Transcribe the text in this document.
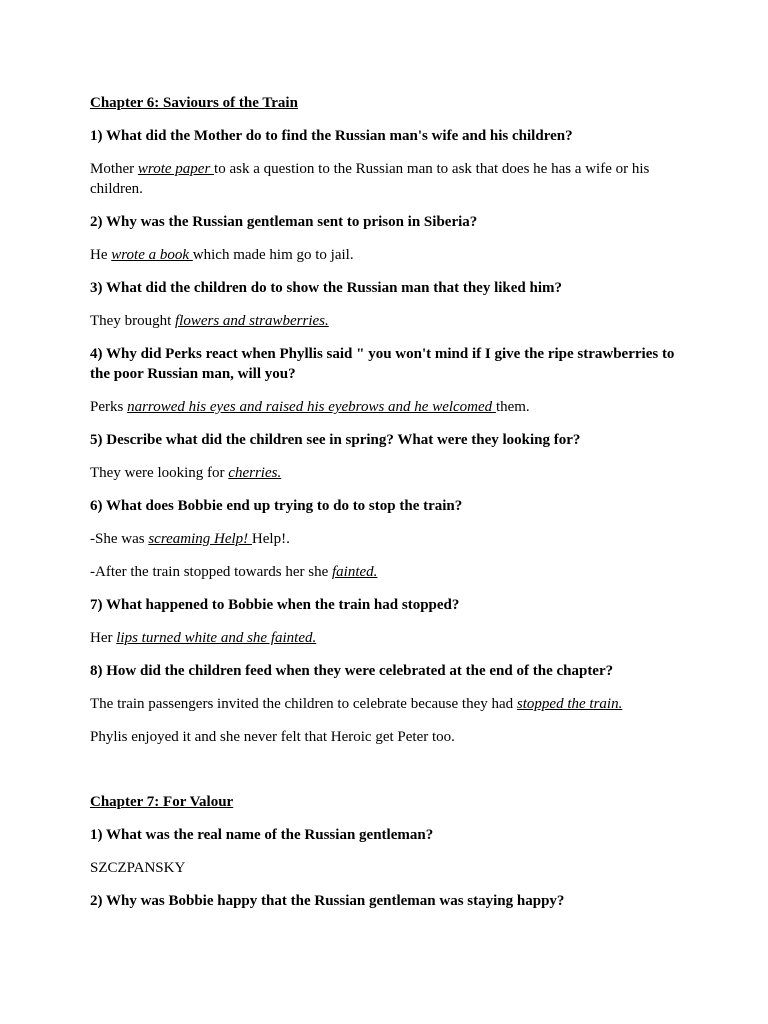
Chapter 6: Saviours of the Train

1) What did the Mother do to find the Russian man's wife and his children?

Mother wrote paper to ask a question to the Russian man to ask that does he has a wife or his children.

2) Why was the Russian gentleman sent to prison in Siberia?

He wrote a book which made him go to jail.

3) What did the children do to show the Russian man that they liked him?

They brought flowers and strawberries.

4) Why did Perks react when Phyllis said " you won't mind if I give the ripe strawberries to the poor Russian man, will you?

Perks narrowed his eyes and raised his eyebrows and he welcomed them.

5) Describe what did the children see in spring? What were they looking for?

They were looking for cherries.

6) What does Bobbie end up trying to do to stop the train?

-She was screaming Help! Help!.

-After the train stopped towards her she fainted.

7) What happened to Bobbie when the train had stopped?

Her lips turned white and she fainted.

8) How did the children feed when they were celebrated at the end of the chapter?

The train passengers invited the children to celebrate because they had stopped the train.

Phylis enjoyed it and she never felt that Heroic get Peter too.

Chapter 7: For Valour

1) What was the real name of the Russian gentleman?

SZCZPANSKY

2) Why was Bobbie happy that the Russian gentleman was staying happy?
